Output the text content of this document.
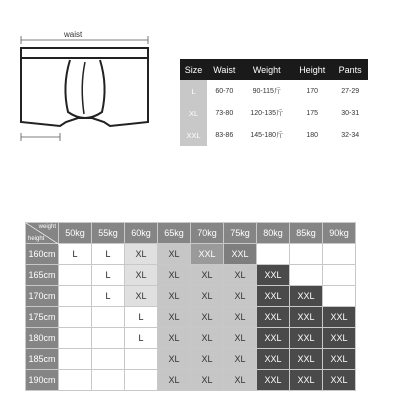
waist
Size	Waist	Weight	Height	Pants
L	60-70	90-115斤	170	27-29
XL	73-80	120-135斤	175	30-31
XXL	83-86	145-180斤	180	32-34
weight
height	50kg	55kg	60kg	65kg	70kg	75kg	80kg	85kg	90kg
160cm	L	L	XL	XL	XXL	XXL			
165cm		L	XL	XL	XL	XL	XXL		
170cm		L	XL	XL	XL	XL	XXL	XXL	
175cm			L	XL	XL	XL	XXL	XXL	XXL
180cm			L	XL	XL	XL	XXL	XXL	XXL
185cm				XL	XL	XL	XXL	XXL	XXL
190cm				XL	XL	XL	XXL	XXL	XXL
